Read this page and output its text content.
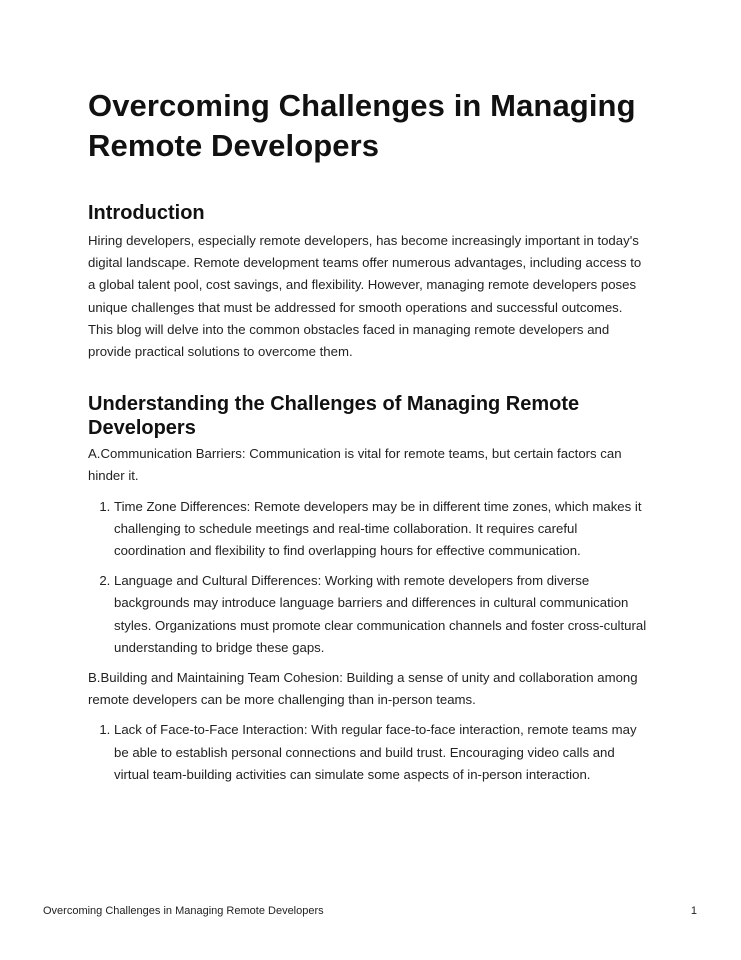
Overcoming Challenges in Managing Remote Developers
Introduction

Hiring developers, especially remote developers, has become increasingly important in today's digital landscape. Remote development teams offer numerous advantages, including access to a global talent pool, cost savings, and flexibility. However, managing remote developers poses unique challenges that must be addressed for smooth operations and successful outcomes. This blog will delve into the common obstacles faced in managing remote developers and provide practical solutions to overcome them.

Understanding the Challenges of Managing Remote Developers

A.Communication Barriers: Communication is vital for remote teams, but certain factors can hinder it.

1. Time Zone Differences: Remote developers may be in different time zones, which makes it challenging to schedule meetings and real-time collaboration. It requires careful coordination and flexibility to find overlapping hours for effective communication.
2. Language and Cultural Differences: Working with remote developers from diverse backgrounds may introduce language barriers and differences in cultural communication styles. Organizations must promote clear communication channels and foster cross-cultural understanding to bridge these gaps.

B.Building and Maintaining Team Cohesion: Building a sense of unity and collaboration among remote developers can be more challenging than in-person teams.

1. Lack of Face-to-Face Interaction: With regular face-to-face interaction, remote teams may be able to establish personal connections and build trust. Encouraging video calls and virtual team-building activities can simulate some aspects of in-person interaction.
Overcoming Challenges in Managing Remote Developers	1
